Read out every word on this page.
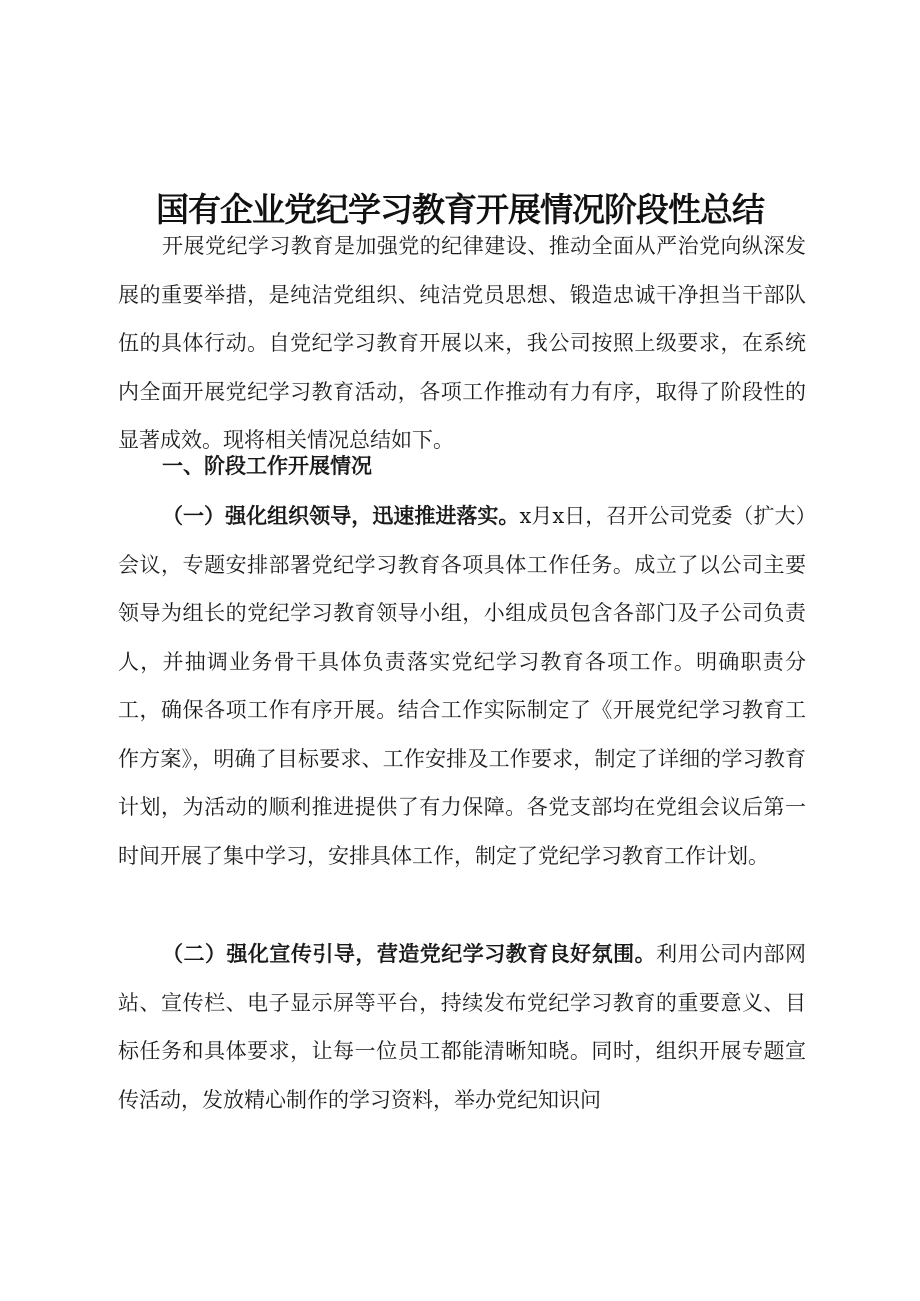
国有企业党纪学习教育开展情况阶段性总结

开展党纪学习教育是加强党的纪律建设、推动全面从严治党向纵深发展的重要举措，是纯洁党组织、纯洁党员思想、锻造忠诚干净担当干部队伍的具体行动。自党纪学习教育开展以来，我公司按照上级要求，在系统内全面开展党纪学习教育活动，各项工作推动有力有序，取得了阶段性的显著成效。现将相关情况总结如下。

一、阶段工作开展情况

（一）强化组织领导，迅速推进落实。x月x日，召开公司党委（扩大）会议，专题安排部署党纪学习教育各项具体工作任务。成立了以公司主要领导为组长的党纪学习教育领导小组，小组成员包含各部门及子公司负责人，并抽调业务骨干具体负责落实党纪学习教育各项工作。明确职责分工，确保各项工作有序开展。结合工作实际制定了《开展党纪学习教育工作方案》，明确了目标要求、工作安排及工作要求，制定了详细的学习教育计划，为活动的顺利推进提供了有力保障。各党支部均在党组会议后第一时间开展了集中学习，安排具体工作，制定了党纪学习教育工作计划。

（二）强化宣传引导，营造党纪学习教育良好氛围。利用公司内部网站、宣传栏、电子显示屏等平台，持续发布党纪学习教育的重要意义、目标任务和具体要求，让每一位员工都能清晰知晓。同时，组织开展专题宣传活动，发放精心制作的学习资料，举办党纪知识问
